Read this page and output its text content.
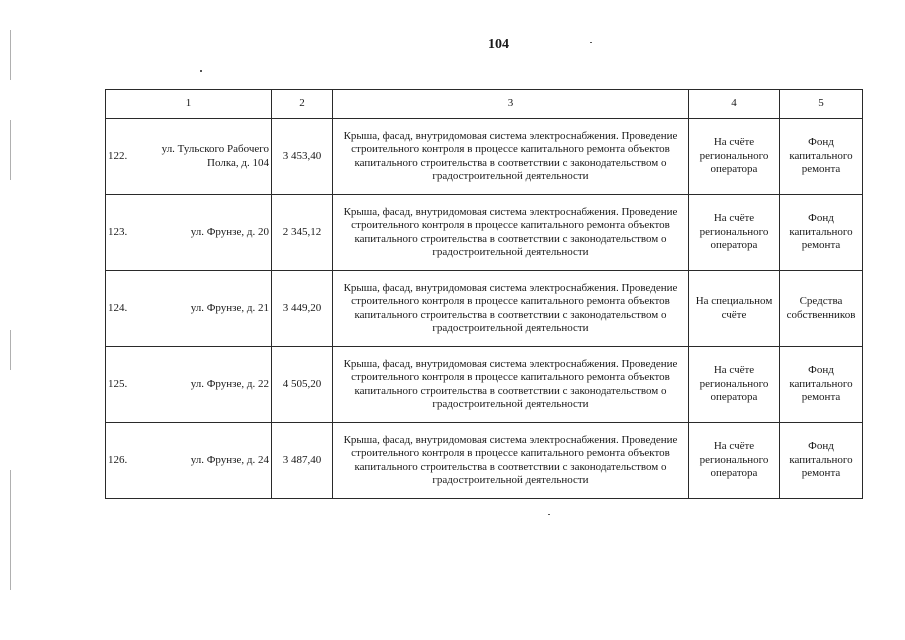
104
1		2	3	4	5
122.	ул. Тульского Рабочего Полка, д. 104	3 453,40	Крыша, фасад, внутридомовая система электроснабжения. Проведение строительного контроля в процессе капитального ремонта объектов капитального строительства в соответствии с законодательством о градостроительной деятельности	На счёте регионального оператора	Фонд капитального ремонта
123.	ул. Фрунзе, д. 20	2 345,12	Крыша, фасад, внутридомовая система электроснабжения. Проведение строительного контроля в процессе капитального ремонта объектов капитального строительства в соответствии с законодательством о градостроительной деятельности	На счёте регионального оператора	Фонд капитального ремонта
124.	ул. Фрунзе, д. 21	3 449,20	Крыша, фасад, внутридомовая система электроснабжения. Проведение строительного контроля в процессе капитального ремонта объектов капитального строительства в соответствии с законодательством о градостроительной деятельности	На специальном счёте	Средства собственников
125.	ул. Фрунзе, д. 22	4 505,20	Крыша, фасад, внутридомовая система электроснабжения. Проведение строительного контроля в процессе капитального ремонта объектов капитального строительства в соответствии с законодательством о градостроительной деятельности	На счёте регионального оператора	Фонд капитального ремонта
126.	ул. Фрунзе, д. 24	3 487,40	Крыша, фасад, внутридомовая система электроснабжения. Проведение строительного контроля в процессе капитального ремонта объектов капитального строительства в соответствии с законодательством о градостроительной деятельности	На счёте регионального оператора	Фонд капитального ремонта
